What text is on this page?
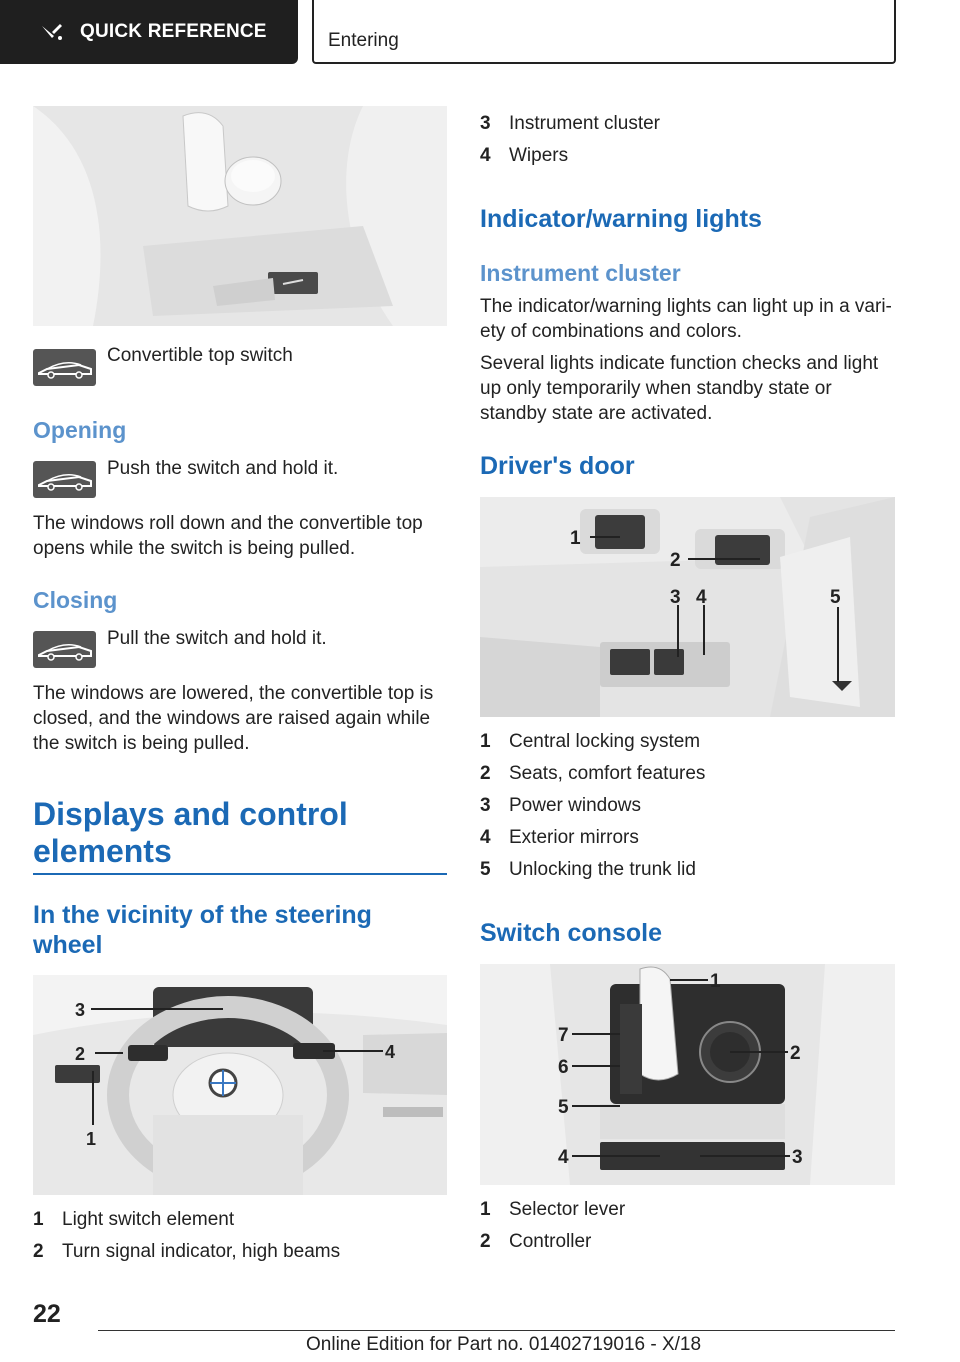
QUICK REFERENCE	Entering
Convertible top switch
Opening
Push the switch and hold it.
The windows roll down and the convertible top
opens while the switch is being pulled.
Closing
Pull the switch and hold it.
The windows are lowered, the convertible top is
closed, and the windows are raised again while
the switch is being pulled.
Displays and control
elements
In the vicinity of the steering
wheel
3
2	4
1
1 Light switch element
2 Turn signal indicator, high beams
3 Instrument cluster
4 Wipers
Indicator/warning lights
Instrument cluster
The indicator/warning lights can light up in a vari-
ety of combinations and colors.
Several lights indicate function checks and light
up only temporarily when standby state or
standby state are activated.
Driver's door
1
2
3 4	5
1 Central locking system
2 Seats, comfort features
3 Power windows
4 Exterior mirrors
5 Unlocking the trunk lid
Switch console
1
7
6
2
5
4	3
1 Selector lever
2 Controller
22
Online Edition for Part no. 01402719016 - X/18
